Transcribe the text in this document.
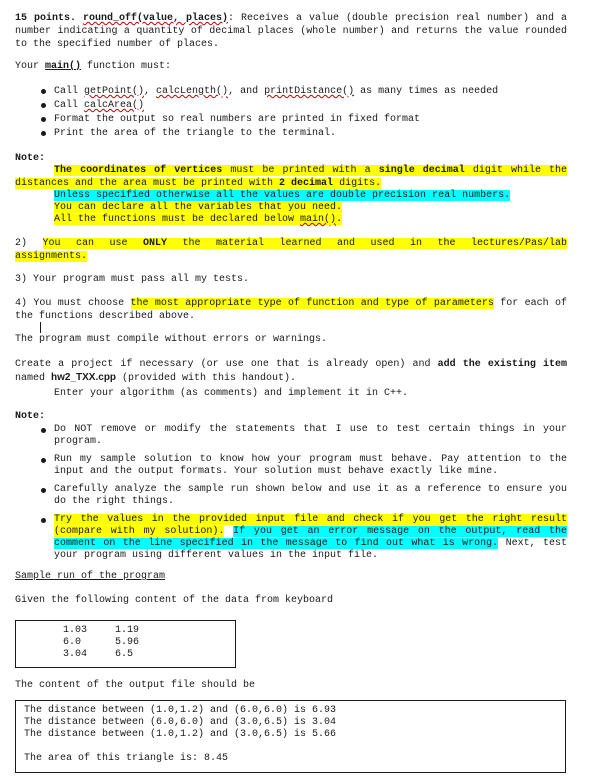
15 points. round_off(value, places): Receives a value (double precision real number) and a number indicating a quantity of decimal places (whole number) and returns the value rounded to the specified number of places.
Your main() function must:
Call getPoint(), calcLength(), and printDistance() as many times as needed
Call calcArea()
Format the output so real numbers are printed in fixed format
Print the area of the triangle to the terminal.
Note:
The coordinates of vertices must be printed with a single decimal digit while the distances and the area must be printed with 2 decimal digits.
Unless specified otherwise all the values are double precision real numbers.
You can declare all the variables that you need.
All the functions must be declared below main().
2) You can use ONLY the material learned and used in the lectures/Pas/lab assignments.
3) Your program must pass all my tests.
4) You must choose the most appropriate type of function and type of parameters for each of the functions described above.
The program must compile without errors or warnings.
Create a project if necessary (or use one that is already open) and add the existing item named hw2_TXX.cpp (provided with this handout).
Enter your algorithm (as comments) and implement it in C++.
Note:
Do NOT remove or modify the statements that I use to test certain things in your program.
Run my sample solution to know how your program must behave. Pay attention to the input and the output formats. Your solution must behave exactly like mine.
Carefully analyze the sample run shown below and use it as a reference to ensure you do the right things.
Try the values in the provided input file and check if you get the right result (compare with my solution). If you get an error message on the output, read the comment on the line specified in the message to find out what is wrong. Next, test your program using different values in the input file.
Sample run of the program
Given the following content of the data from keyboard
1.03	1.19
6.0	5.96
3.04	6.5
The content of the output file should be
The distance between (1.0,1.2) and (6.0,6.0) is 6.93
The distance between (6.0,6.0) and (3.0,6.5) is 3.04
The distance between (1.0,1.2) and (3.0,6.5) is 5.66
The area of this triangle is: 8.45
